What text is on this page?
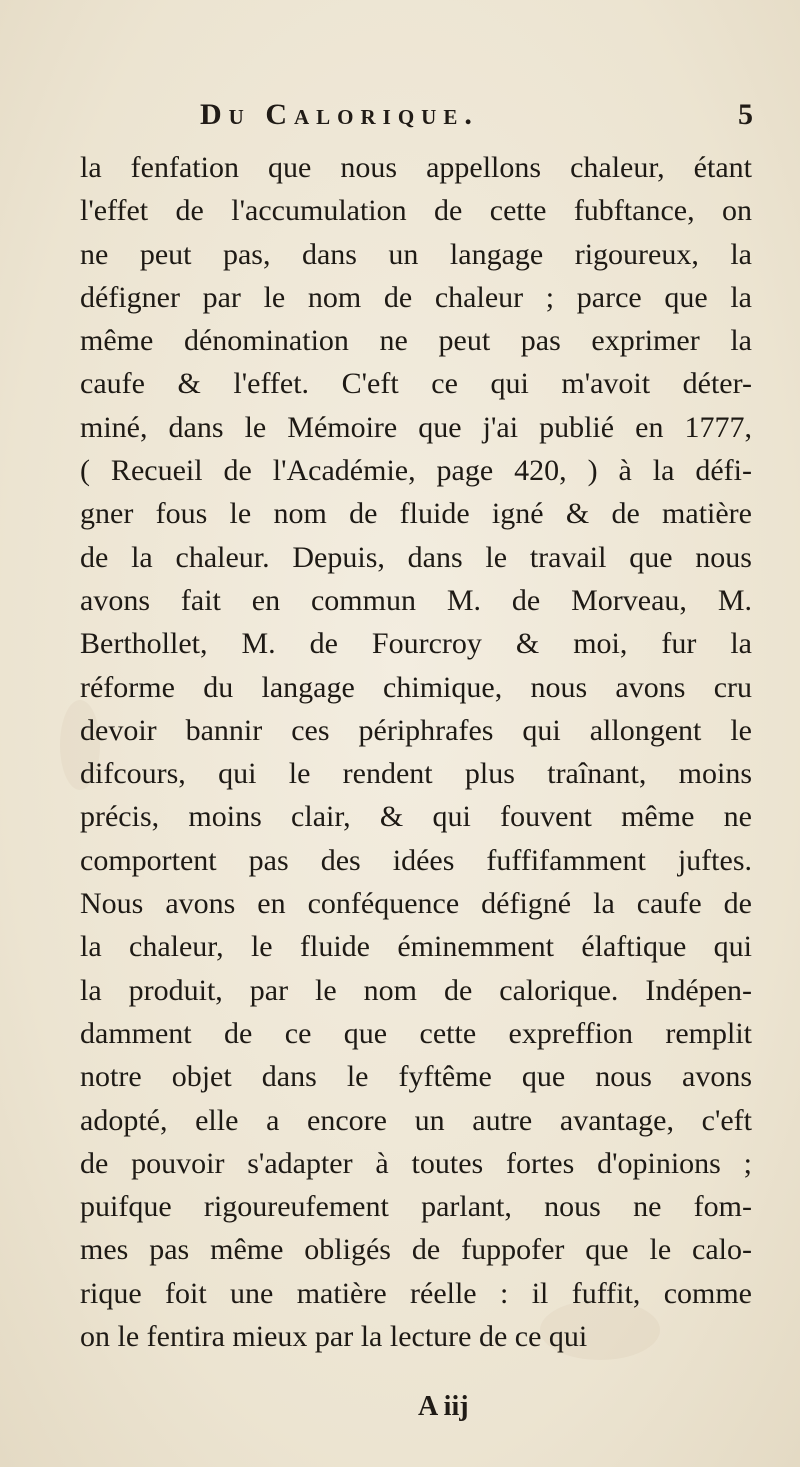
Du Calorique.	5
la fenfation que nous appellons chaleur, étant
l'effet de l'accumulation de cette fubftance, on
ne peut pas, dans un langage rigoureux, la
défigner par le nom de chaleur ; parce que la
même dénomination ne peut pas exprimer la
caufe & l'effet. C'eft ce qui m'avoit déter-
miné, dans le Mémoire que j'ai publié en 1777,
( Recueil de l'Académie, page 420, ) à la défi-
gner fous le nom de fluide igné & de matière
de la chaleur. Depuis, dans le travail que nous
avons fait en commun M. de Morveau, M.
Berthollet, M. de Fourcroy & moi, fur la
réforme du langage chimique, nous avons cru
devoir bannir ces périphrafes qui allongent le
difcours, qui le rendent plus traînant, moins
précis, moins clair, & qui fouvent même ne
comportent pas des idées fuffifamment juftes.
Nous avons en conféquence défigné la caufe de
la chaleur, le fluide éminemment élaftique qui
la produit, par le nom de calorique. Indépen-
damment de ce que cette expreffion remplit
notre objet dans le fyftême que nous avons
adopté, elle a encore un autre avantage, c'eft
de pouvoir s'adapter à toutes fortes d'opinions ;
puifque rigoureufement parlant, nous ne fom-
mes pas même obligés de fuppofer que le calo-
rique foit une matière réelle : il fuffit, comme
on le fentira mieux par la lecture de ce qui
A iij
